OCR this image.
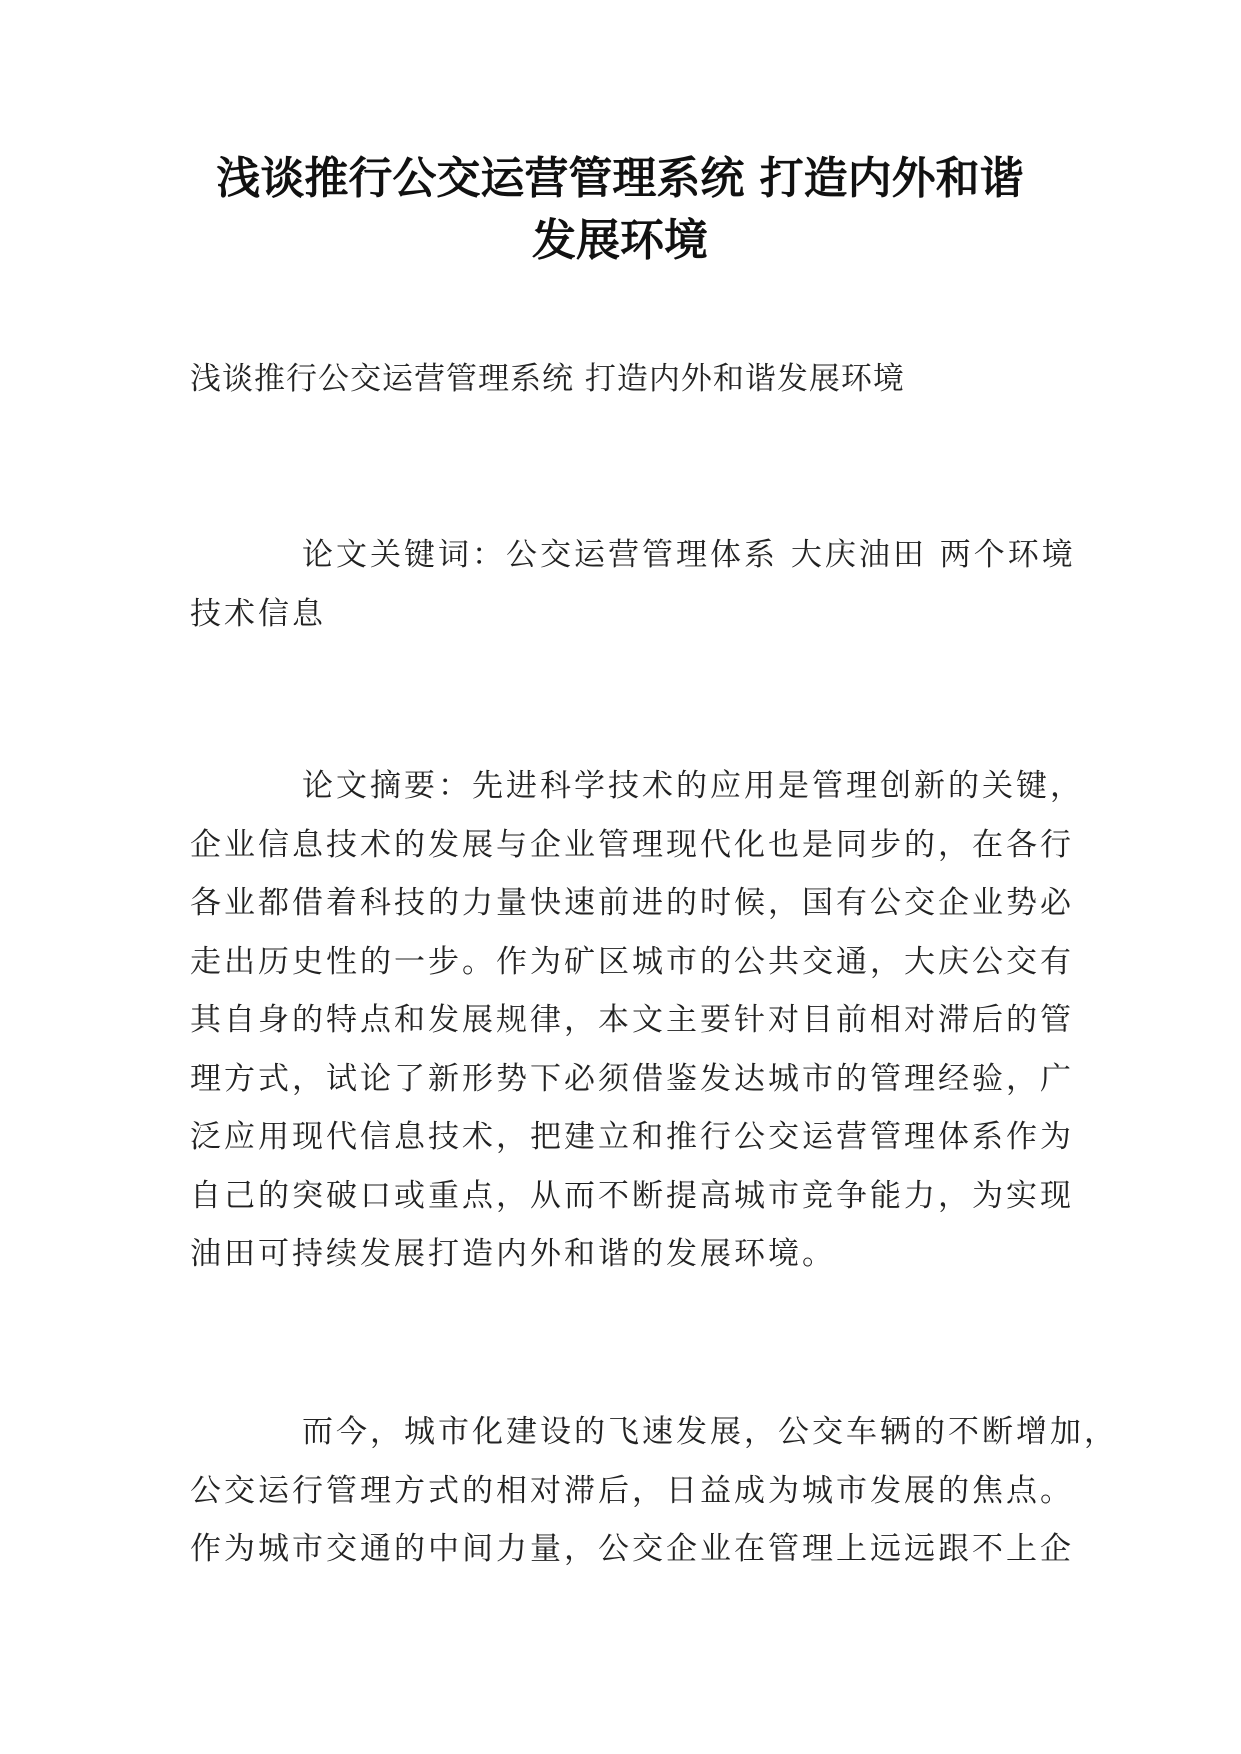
浅谈推行公交运营管理系统 打造内外和谐
发展环境

浅谈推行公交运营管理系统 打造内外和谐发展环境

论文关键词：公交运营管理体系 大庆油田 两个环境
技术信息

论文摘要：先进科学技术的应用是管理创新的关键，
企业信息技术的发展与企业管理现代化也是同步的，在各行
各业都借着科技的力量快速前进的时候，国有公交企业势必
走出历史性的一步。作为矿区城市的公共交通，大庆公交有
其自身的特点和发展规律，本文主要针对目前相对滞后的管
理方式，试论了新形势下必须借鉴发达城市的管理经验，广
泛应用现代信息技术，把建立和推行公交运营管理体系作为
自己的突破口或重点，从而不断提高城市竞争能力，为实现
油田可持续发展打造内外和谐的发展环境。

而今，城市化建设的飞速发展，公交车辆的不断增加，
公交运行管理方式的相对滞后，日益成为城市发展的焦点。
作为城市交通的中间力量，公交企业在管理上远远跟不上企
